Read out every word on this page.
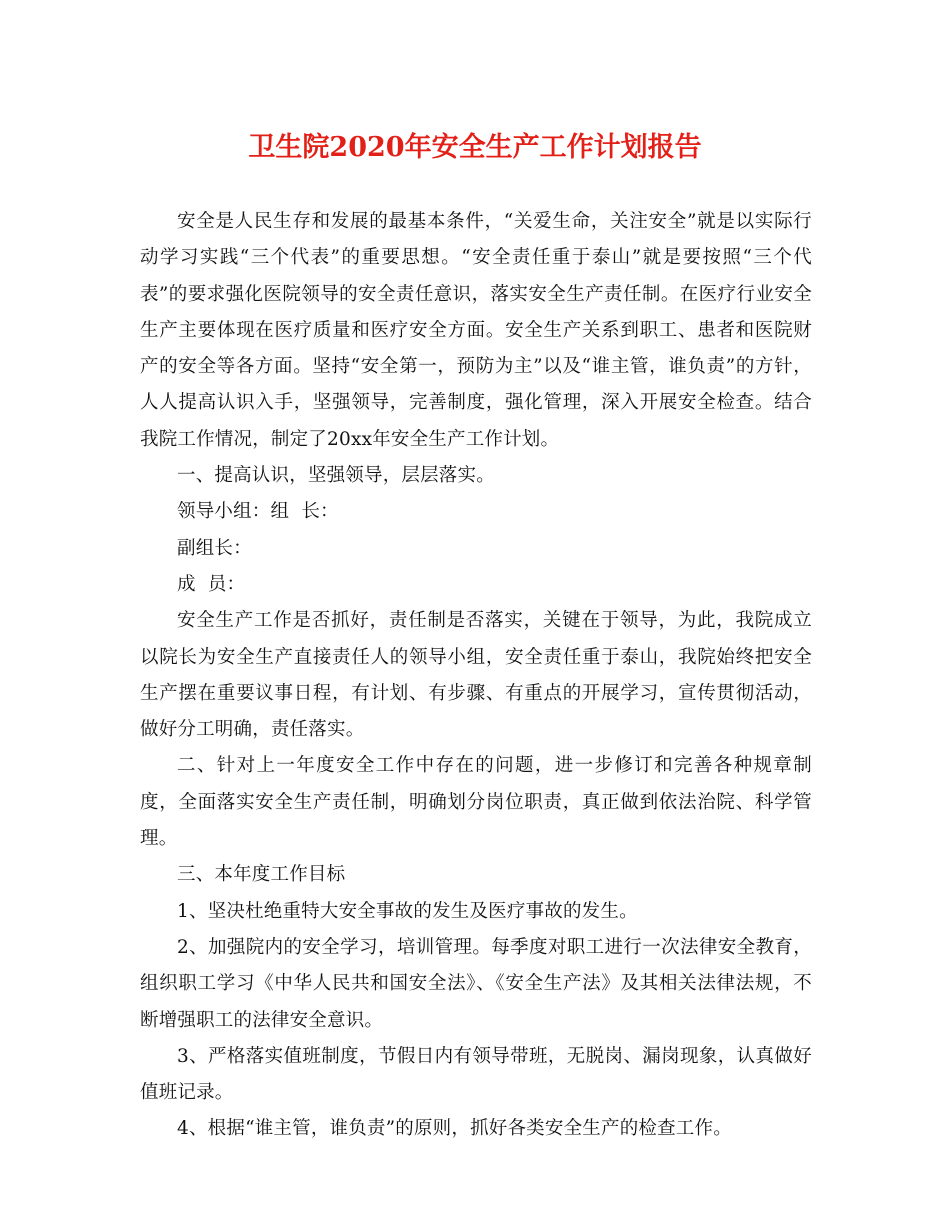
卫生院2020年安全生产工作计划报告

安全是人民生存和发展的最基本条件，“关爱生命，关注安全”就是以实际行动学习实践“三个代表”的重要思想。“安全责任重于泰山”就是要按照“三个代表”的要求强化医院领导的安全责任意识，落实安全生产责任制。在医疗行业安全生产主要体现在医疗质量和医疗安全方面。安全生产关系到职工、患者和医院财产的安全等各方面。坚持“安全第一，预防为主”以及“谁主管，谁负责”的方针，人人提高认识入手，坚强领导，完善制度，强化管理，深入开展安全检查。结合我院工作情况，制定了20xx年安全生产工作计划。

一、提高认识，坚强领导，层层落实。

领导小组：组  长：

副组长：

成  员：

安全生产工作是否抓好，责任制是否落实，关键在于领导，为此，我院成立以院长为安全生产直接责任人的领导小组，安全责任重于泰山，我院始终把安全生产摆在重要议事日程，有计划、有步骤、有重点的开展学习，宣传贯彻活动，做好分工明确，责任落实。

二、针对上一年度安全工作中存在的问题，进一步修订和完善各种规章制度，全面落实安全生产责任制，明确划分岗位职责，真正做到依法治院、科学管理。

三、本年度工作目标

1、坚决杜绝重特大安全事故的发生及医疗事故的发生。

2、加强院内的安全学习，培训管理。每季度对职工进行一次法律安全教育，组织职工学习《中华人民共和国安全法》、《安全生产法》及其相关法律法规，不断增强职工的法律安全意识。

3、严格落实值班制度，节假日内有领导带班，无脱岗、漏岗现象，认真做好值班记录。

4、根据“谁主管，谁负责”的原则，抓好各类安全生产的检查工作。
